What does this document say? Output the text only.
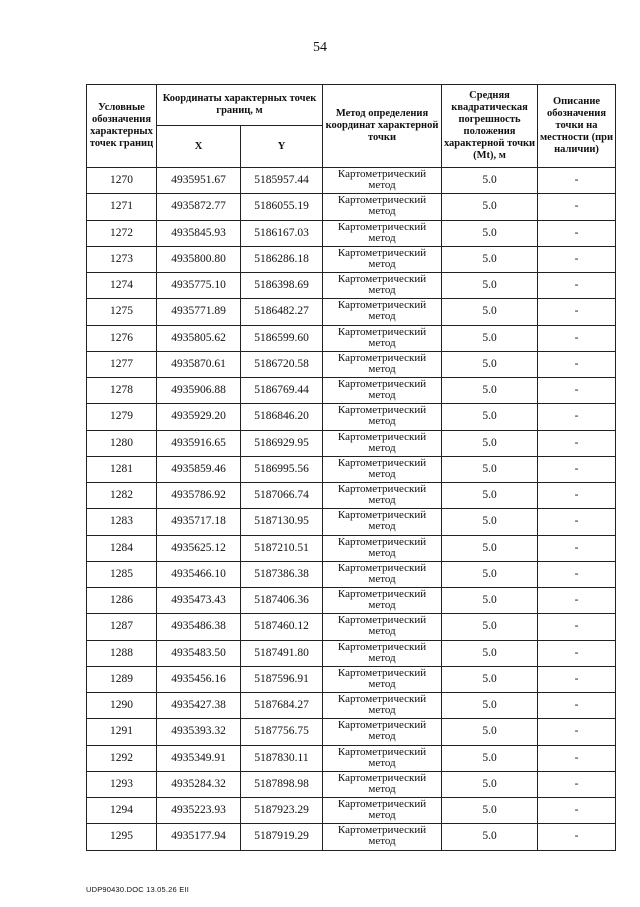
54
Условные обозначения характерных точек границ	Координаты характерных точек границ, м		Метод определения координат характерной точки	Средняя квадратическая погрешность положения характерной точки (Mt), м	Описание обозначения точки на местности (при наличии)
	X	Y			
1270	4935951.67	5185957.44	Картометрический метод	5.0	-
1271	4935872.77	5186055.19	Картометрический метод	5.0	-
1272	4935845.93	5186167.03	Картометрический метод	5.0	-
1273	4935800.80	5186286.18	Картометрический метод	5.0	-
1274	4935775.10	5186398.69	Картометрический метод	5.0	-
1275	4935771.89	5186482.27	Картометрический метод	5.0	-
1276	4935805.62	5186599.60	Картометрический метод	5.0	-
1277	4935870.61	5186720.58	Картометрический метод	5.0	-
1278	4935906.88	5186769.44	Картометрический метод	5.0	-
1279	4935929.20	5186846.20	Картометрический метод	5.0	-
1280	4935916.65	5186929.95	Картометрический метод	5.0	-
1281	4935859.46	5186995.56	Картометрический метод	5.0	-
1282	4935786.92	5187066.74	Картометрический метод	5.0	-
1283	4935717.18	5187130.95	Картометрический метод	5.0	-
1284	4935625.12	5187210.51	Картометрический метод	5.0	-
1285	4935466.10	5187386.38	Картометрический метод	5.0	-
1286	4935473.43	5187406.36	Картометрический метод	5.0	-
1287	4935486.38	5187460.12	Картометрический метод	5.0	-
1288	4935483.50	5187491.80	Картометрический метод	5.0	-
1289	4935456.16	5187596.91	Картометрический метод	5.0	-
1290	4935427.38	5187684.27	Картометрический метод	5.0	-
1291	4935393.32	5187756.75	Картометрический метод	5.0	-
1292	4935349.91	5187830.11	Картометрический метод	5.0	-
1293	4935284.32	5187898.98	Картометрический метод	5.0	-
1294	4935223.93	5187923.29	Картометрический метод	5.0	-
1295	4935177.94	5187919.29	Картометрический метод	5.0	-
UDP90430.DOC 13.05.26 EII
